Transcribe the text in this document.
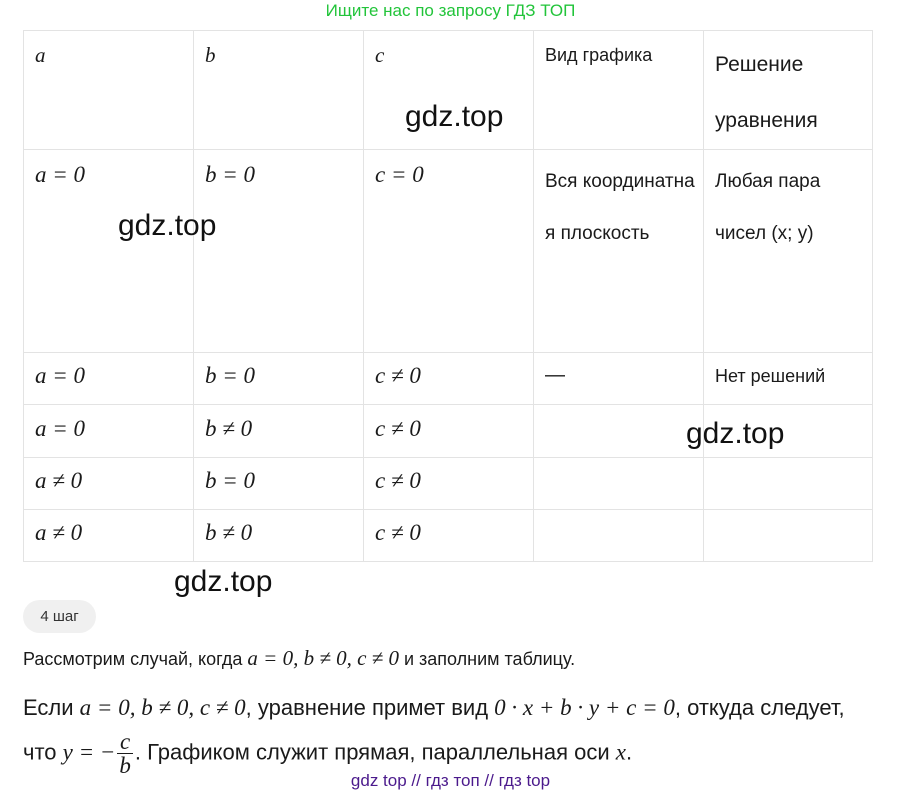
Ищите нас по запросу ГДЗ ТОП
a	b	c	Вид графика	Решение уравнения

a = 0	b = 0	c = 0	Вся координатная плоскость	Любая пара чисел (x; y)

a = 0	b = 0	c ≠ 0	—	Нет решений
a = 0	b ≠ 0	c ≠ 0		
a ≠ 0	b = 0	c ≠ 0		
a ≠ 0	b ≠ 0	c ≠ 0		
gdz.top
gdz.top
gdz.top
gdz.top
4 шаг
Рассмотрим случай, когда a = 0, b ≠ 0, c ≠ 0 и заполним таблицу.
Если a = 0, b ≠ 0, c ≠ 0, уравнение примет вид 0 · x + b · y + c = 0, откуда следует, что y = − $\frac{c}{b}$ . Графиком служит прямая, параллельная оси x.
gdz top // гдз топ // гдз top
